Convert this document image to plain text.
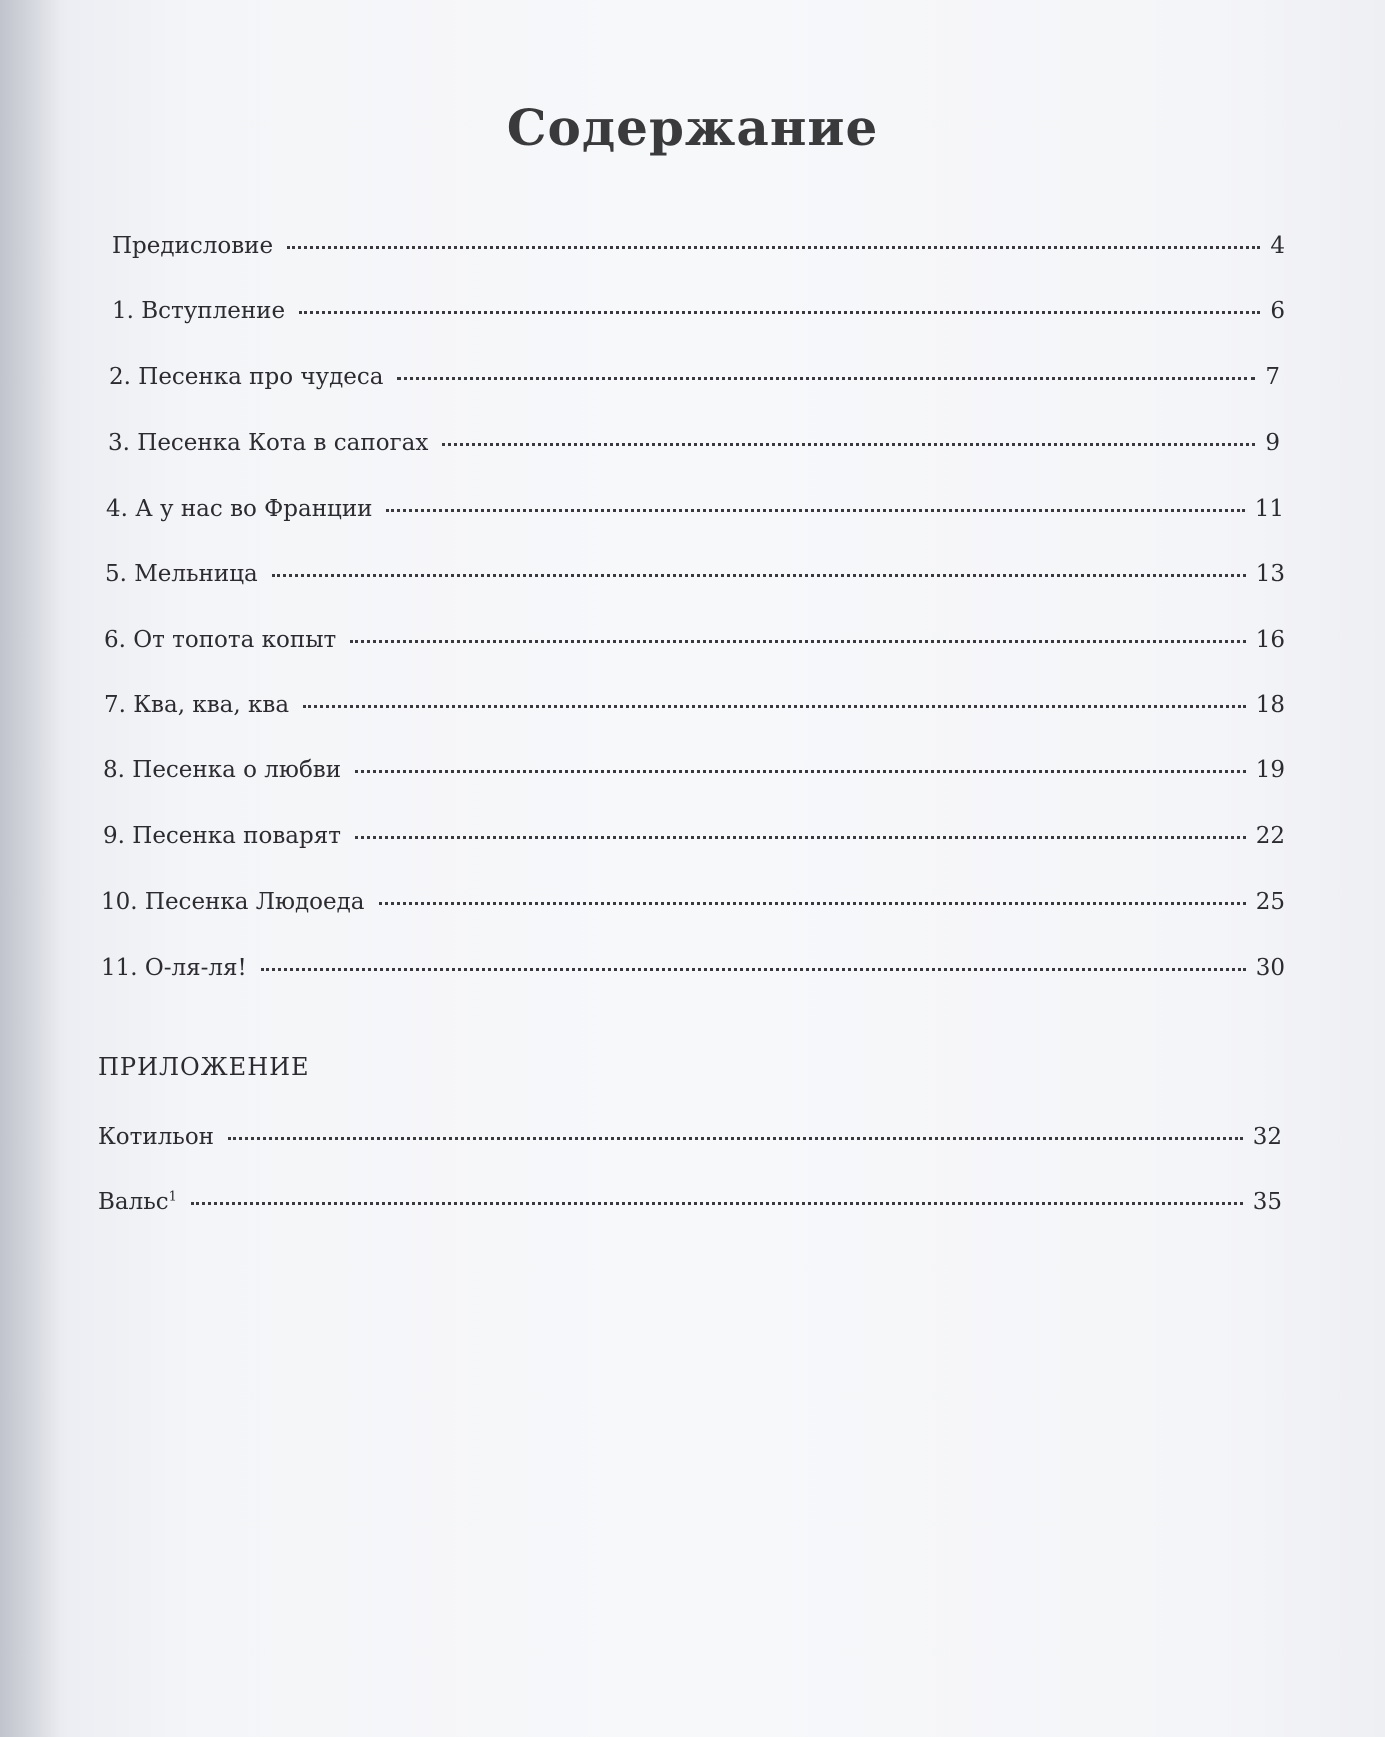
Содержание
Предисловие	4
1. Вступление	6
2. Песенка про чудеса	7
3. Песенка Кота в сапогах	9
4. А у нас во Франции	11
5. Мельница	13
6. От топота копыт	16
7. Ква, ква, ква	18
8. Песенка о любви	19
9. Песенка поварят	22
10. Песенка Людоеда	25
11. О-ля-ля!	30
ПРИЛОЖЕНИЕ
Котильон	32
Вальс$^1$	35
